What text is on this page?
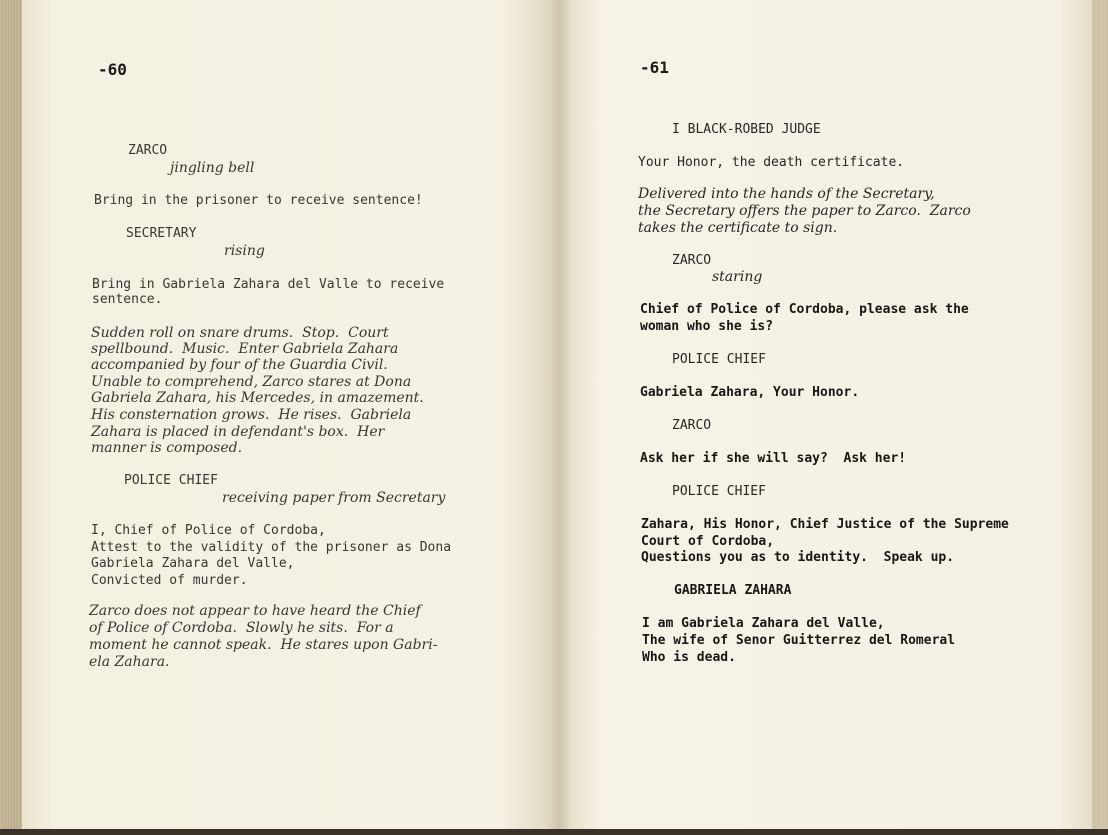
-60
ZARCO
jingling bell
Bring in the prisoner to receive sentence!
SECRETARY
rising
Bring in Gabriela Zahara del Valle to receive
sentence.
Sudden roll on snare drums.  Stop.  Court
spellbound.  Music.  Enter Gabriela Zahara
accompanied by four of the Guardia Civil.
Unable to comprehend, Zarco stares at Dona
Gabriela Zahara, his Mercedes, in amazement.
His consternation grows.  He rises.  Gabriela
Zahara is placed in defendant's box.  Her
manner is composed.
POLICE CHIEF
receiving paper from Secretary
I, Chief of Police of Cordoba,
Attest to the validity of the prisoner as Dona
Gabriela Zahara del Valle,
Convicted of murder.
Zarco does not appear to have heard the Chief
of Police of Cordoba.  Slowly he sits.  For a
moment he cannot speak.  He stares upon Gabri-
ela Zahara.
-61
I BLACK-ROBED JUDGE
Your Honor, the death certificate.
Delivered into the hands of the Secretary,
the Secretary offers the paper to Zarco.  Zarco
takes the certificate to sign.
ZARCO
staring
Chief of Police of Cordoba, please ask the
woman who she is?
POLICE CHIEF
Gabriela Zahara, Your Honor.
ZARCO
Ask her if she will say?  Ask her!
POLICE CHIEF
Zahara, His Honor, Chief Justice of the Supreme
Court of Cordoba,
Questions you as to identity.  Speak up.
GABRIELA ZAHARA
I am Gabriela Zahara del Valle,
The wife of Senor Guitterrez del Romeral
Who is dead.
